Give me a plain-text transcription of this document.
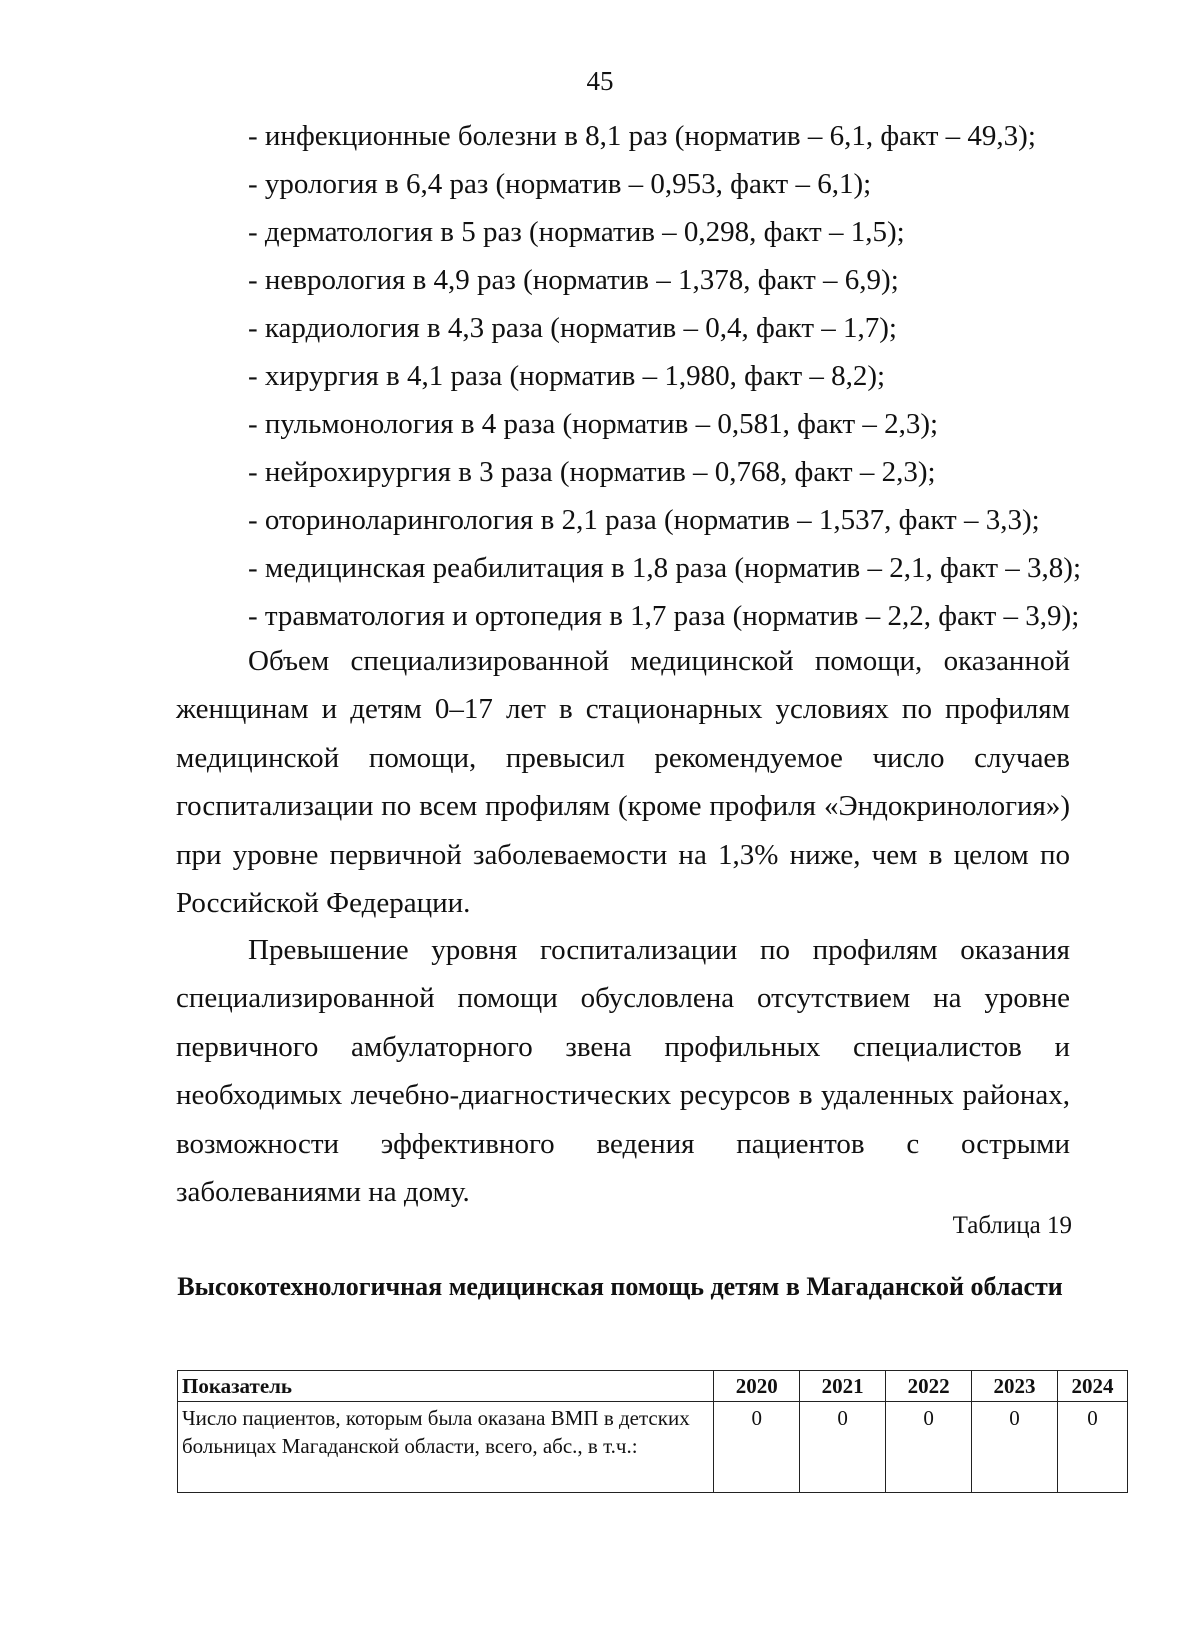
45
- инфекционные болезни в 8,1 раз (норматив – 6,1, факт – 49,3);
- урология в 6,4 раз (норматив – 0,953, факт – 6,1);
- дерматология в 5 раз (норматив – 0,298, факт – 1,5);
- неврология в 4,9 раз (норматив – 1,378, факт – 6,9);
- кардиология в 4,3 раза (норматив – 0,4, факт – 1,7);
- хирургия в 4,1 раза (норматив – 1,980, факт – 8,2);
- пульмонология в 4 раза (норматив – 0,581, факт – 2,3);
- нейрохирургия в 3 раза (норматив – 0,768, факт – 2,3);
- оториноларингология в 2,1 раза (норматив – 1,537, факт – 3,3);
- медицинская реабилитация в 1,8 раза (норматив – 2,1, факт – 3,8);
- травматология и ортопедия в 1,7 раза (норматив – 2,2, факт – 3,9);

Объем специализированной медицинской помощи, оказанной женщинам и детям 0–17 лет в стационарных условиях по профилям медицинской помощи, превысил рекомендуемое число случаев госпитализации по всем профилям (кроме профиля «Эндокринология») при уровне первичной заболеваемости на 1,3% ниже, чем в целом по Российской Федерации.

Превышение уровня госпитализации по профилям оказания специализированной помощи обусловлена отсутствием на уровне первичного амбулаторного звена профильных специалистов и необходимых лечебно-диагностических ресурсов в удаленных районах, возможности эффективного ведения пациентов с острыми заболеваниями на дому.

Таблица 19
Высокотехнологичная медицинская помощь детям в Магаданской области
Показатель	2020	2021	2022	2023	2024
Число пациентов, которым была оказана ВМП в детских больницах Магаданской области, всего, абс., в т.ч.:	0	0	0	0	0
